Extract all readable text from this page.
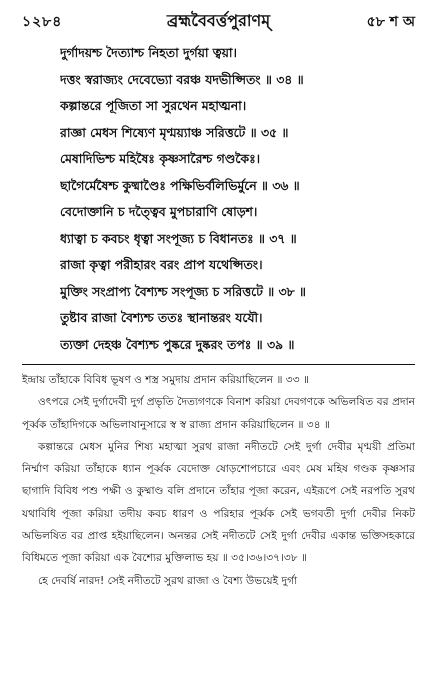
১২৮৪	ব্রহ্মবৈবর্ত্তপুরাণম্	৫৮ শ অ
দুর্গাদয়শ্চ দৈত্যাশ্চ নিহতা দুর্গয়া ত্বয়া।
দত্তং স্বরাজ্যং দেবেভ্যো বরঞ্চ যদভীপ্সিতং ॥ ৩৪ ॥
কল্পান্তরে পূজিতা সা সুরথেন মহাত্মনা।
রাজ্ঞা মেধস শিষ্যেণ মৃণ্ময়্যাঞ্চ সরিত্তটে ॥ ৩৫ ॥
মেষাদিভিশ্চ মহিষৈঃ কৃষ্ণসারৈশ্চ গণ্ডকৈঃ।
ছাগৈর্মেষৈশ্চ কুষ্মাণ্ডৈঃ পক্ষিভির্বলিভির্মুনে ॥ ৩৬ ॥
বেদোক্তানি চ দত্ত্বৈব মুপচারাণি ষোড়শ।
ধ্যাত্বা চ কবচং ধৃত্বা সংপূজ্য চ বিধানতঃ ॥ ৩৭ ॥
রাজা কৃত্বা পরীহারং বরং প্রাপ যথেপ্সিতং।
মুক্তিং সংপ্রাপ্য বৈশ্যশ্চ সংপূজ্য চ সরিত্তটে ॥ ৩৮ ॥
তুষ্টাব রাজা বৈশ্যশ্চ ততঃ স্থানান্তরং যযৌ।
ত্যক্তা দেহঞ্চ বৈশ্যশ্চ পুষ্করে দুষ্করং তপঃ ॥ ৩৯ ॥

ইন্দ্রায় তাঁহাকে বিবিধ ভূষণ ও শস্ত্র সমুদায় প্রদান করিয়াছিলেন ॥ ৩৩ ॥

ওৎপরে সেই দুর্গাদেবী দুর্গ প্রভৃতি দৈত্যগণকে বিনাশ করিয়া দেবগণকে অভিলষিত বর প্রদান পূর্ব্বক তাঁহাদিগকে অভিলাষানুসারে স্ব স্ব রাজ্য প্রদান করিয়াছিলেন ॥ ৩৪ ॥

কল্পান্তরে মেধস মুনির শিষ্য মহাত্মা সুরথ রাজা নদীতটে সেই দুর্গা দেবীর মৃণ্ময়ী প্রতিমা নির্ম্মাণ করিয়া তাঁহাকে ধ্যান পূর্ব্বক বেদোক্ত ষোড়শোপচারে এবং মেষ মহিষ গণ্ডক কৃষ্ণসার ছাগাদি বিবিধ পশু পক্ষী ও কুষ্মাণ্ড বলি প্রদানে তাঁহার পূজা করেন, এইরূপে সেই নরপতি সুরথ যথাবিধি পূজা করিয়া তদীয় কবচ ধারণ ও পরিহার পূর্ব্বক সেই ভগবতী দুর্গা দেবীর নিকট অভিলষিত বর প্রাপ্ত হইয়াছিলেন। অনন্তর সেই নদীতটে সেই দুর্গা দেবীর একান্ত ভক্তিসহকারে বিধিমতে পূজা করিয়া এক বৈশ্যের মুক্তিলাভ হয় ॥ ৩৫।৩৬।৩৭।৩৮ ॥

হে দেবর্ষি নারদ! সেই নদীতটে সুরথ রাজা ও বৈশ্য উভয়েই দুর্গা
